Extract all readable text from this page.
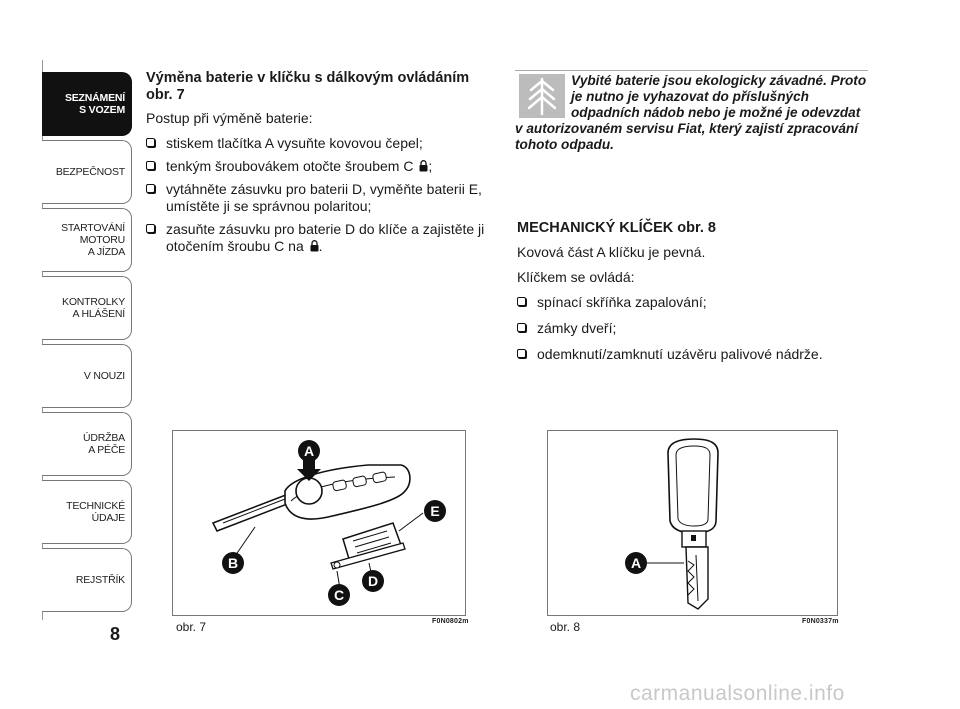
SEZNÁMENÍ
S VOZEM
BEZPEČNOST
STARTOVÁNÍ
MOTORU
A JÍZDA
KONTROLKY
A HLÁŠENÍ
V NOUZI
ÚDRŽBA
A PÉČE
TECHNICKÉ
ÚDAJE
REJSTŘÍK
8
Výměna baterie v klíčku s dálkovým ovládáním obr. 7

Postup při výměně baterie:

stiskem tlačítka A vysuňte kovovou čepel;
tenkým šroubovákem otočte šroubem C ;
vytáhněte zásuvku pro baterii D, vyměňte baterii E, umístěte ji se správnou polaritou;
zasuňte zásuvku pro baterie D do klíče a zajistěte ji otočením šroubu C na .
Vybité baterie jsou ekologicky závadné. Proto je nutno je vyhazovat do příslušných odpadních nádob nebo je možné je odevzdat v autorizovaném servisu Fiat, který zajistí zpracování tohoto odpadu.
MECHANICKÝ KLÍČEK obr. 8

Kovová část A klíčku je pevná.

Klíčkem se ovládá:

spínací skříňka zapalování;
zámky dveří;
odemknutí/zamknutí uzávěru palivové nádrže.
A
E
B
D
C
obr. 7	F0N0802m
A
obr. 8	F0N0337m
carmanualsonline.info
